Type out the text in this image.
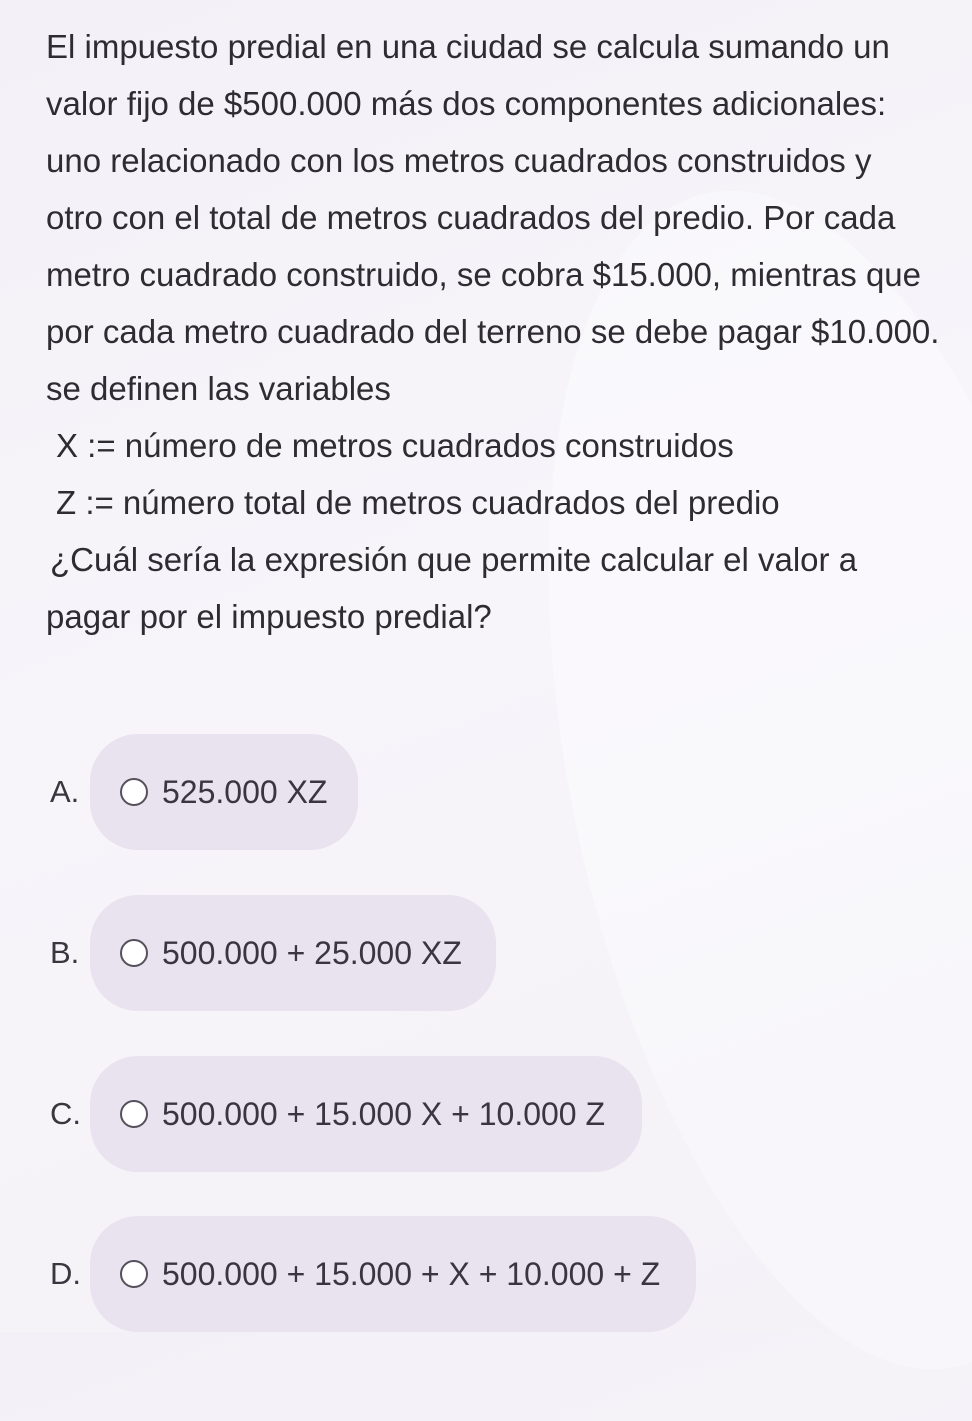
El impuesto predial en una ciudad se calcula sumando un

valor fijo de $500.000 más dos componentes adicionales:

uno relacionado con los metros cuadrados construidos y

otro con el total de metros cuadrados del predio. Por cada

metro cuadrado construido, se cobra $15.000, mientras que

por cada metro cuadrado del terreno se debe pagar $10.000.

se definen las variables

X := número de metros cuadrados construidos

Z := número total de metros cuadrados del predio

¿Cuál sería la expresión que permite calcular el valor a

pagar por el impuesto predial?

A.	525.000 XZ
B.	500.000 + 25.000 XZ
C.	500.000 + 15.000 X + 10.000 Z
D.	500.000 + 15.000 + X + 10.000 + Z
